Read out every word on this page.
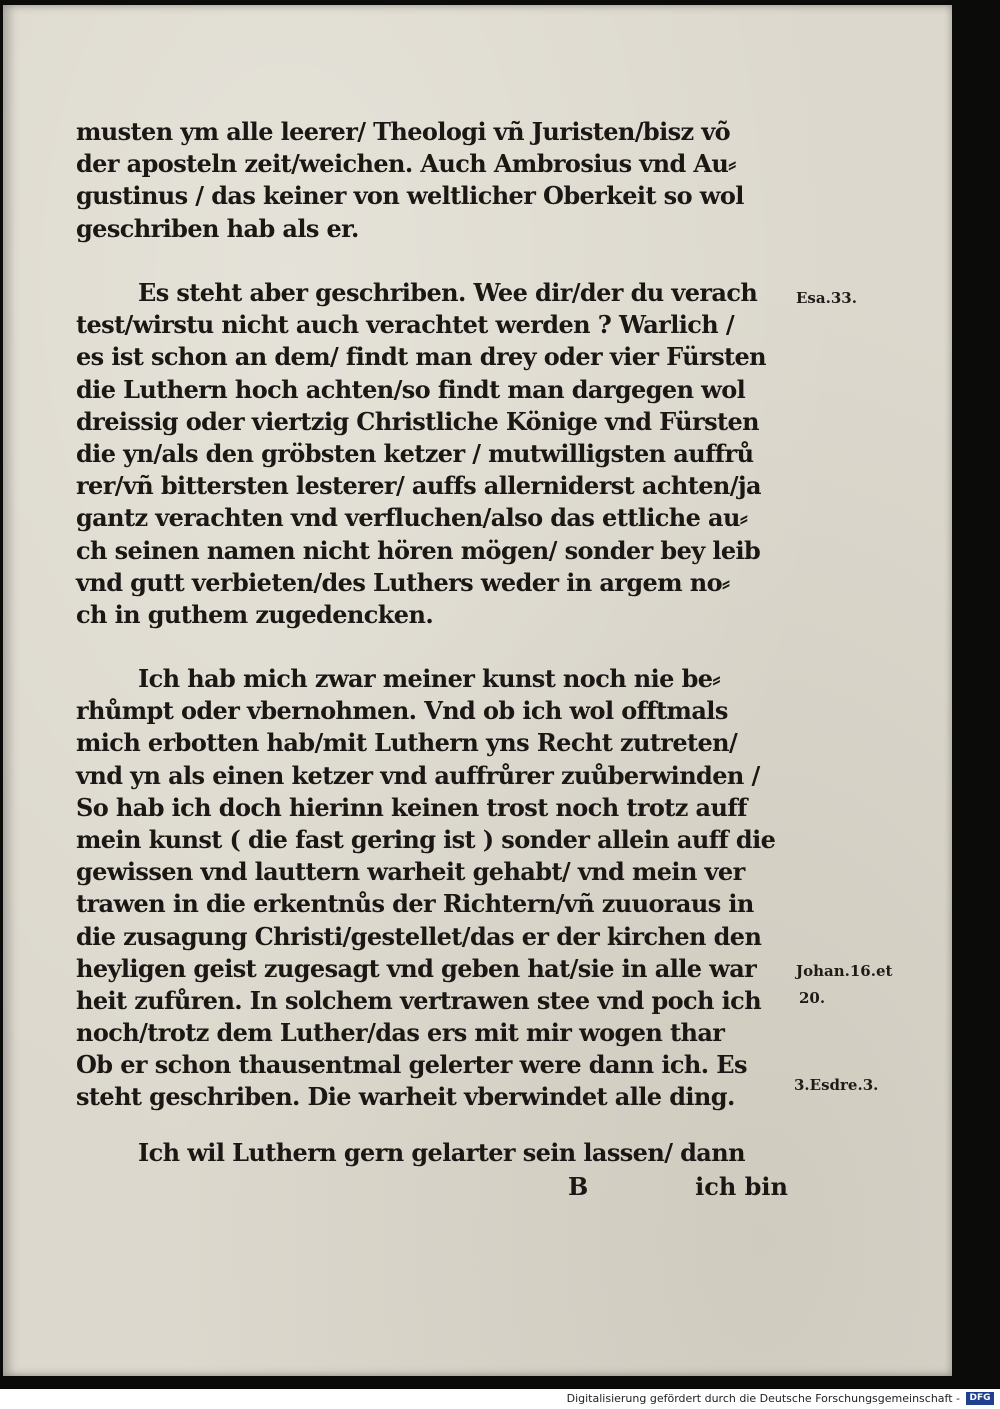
musten ym alle leerer/ Theologi vñ Juristen/bisz võ
der aposteln zeit/weichen. Auch Ambrosius vnd Au⸗
gustinus / das keiner von weltlicher Oberkeit so wol
geschriben hab als er.
Es steht aber geschriben. Wee dir/der du verach
test/wirstu nicht auch verachtet werden ? Warlich /
es ist schon an dem/ findt man drey oder vier Fürsten
die Luthern hoch achten/so findt man dargegen wol
dreissig oder viertzig Christliche Könige vnd Fürsten
die yn/als den gröbsten ketzer / mutwilligsten auffrů
rer/vñ bittersten lesterer/ auffs allerniderst achten/ja
gantz verachten vnd verfluchen/also das ettliche au⸗
ch seinen namen nicht hören mögen/ sonder bey leib
vnd gutt verbieten/des Luthers weder in argem no⸗
ch in guthem zugedencken.
Ich hab mich zwar meiner kunst noch nie be⸗
rhůmpt oder vbernohmen. Vnd ob ich wol offtmals
mich erbotten hab/mit Luthern yns Recht zutreten/
vnd yn als einen ketzer vnd auffrůrer zuůberwinden /
So hab ich doch hierinn keinen trost noch trotz auff
mein kunst ( die fast gering ist ) sonder allein auff die
gewissen vnd lauttern warheit gehabt/ vnd mein ver
trawen in die erkentnůs der Richtern/vñ zuuoraus in
die zusagung Christi/gestellet/das er der kirchen den
heyligen geist zugesagt vnd geben hat/sie in alle war
heit zufůren. In solchem vertrawen stee vnd poch ich
noch/trotz dem Luther/das ers mit mir wogen thar
Ob er schon thausentmal gelerter were dann ich. Es
steht geschriben. Die warheit vberwindet alle ding.
Ich wil Luthern gern gelarter sein lassen/ dann
B	ich bin
Esa.33.
Johan.16.et
20.
3.Esdre.3.
Digitalisierung gefördert durch die Deutsche Forschungsgemeinschaft -	DFG
